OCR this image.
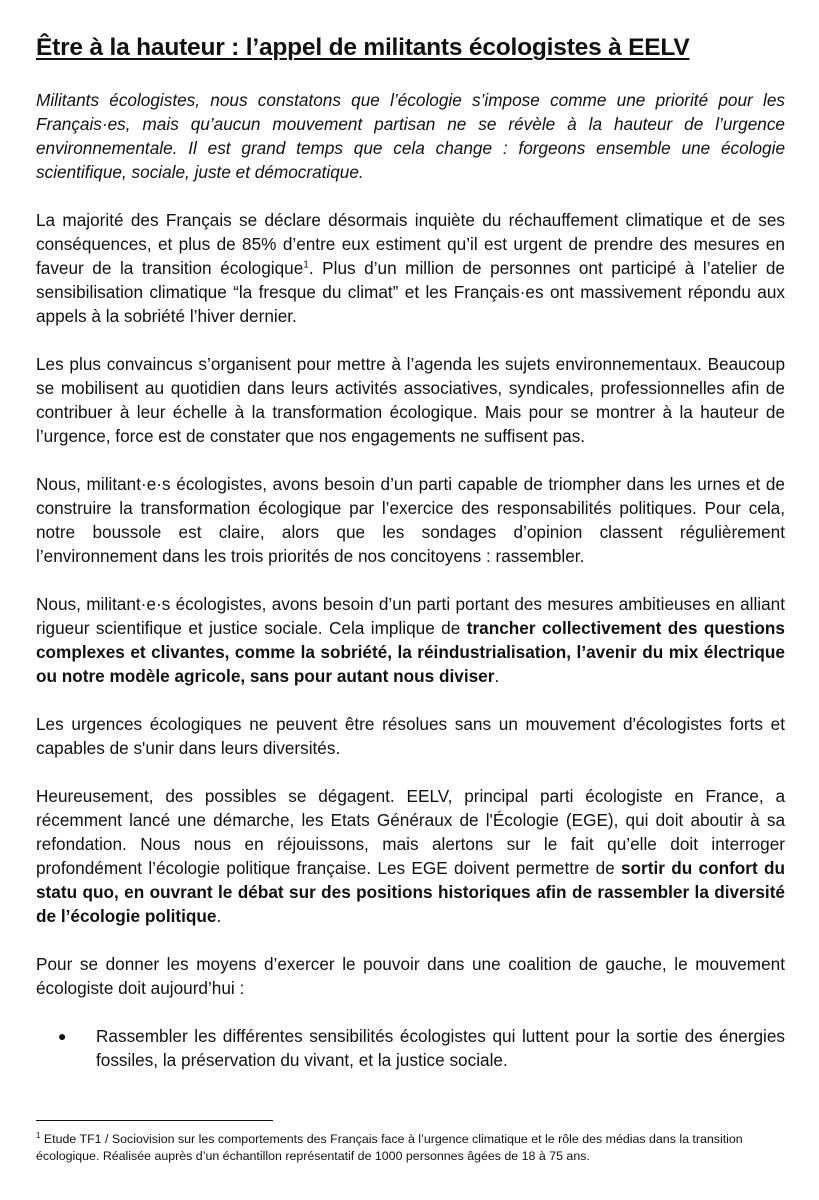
Être à la hauteur : l’appel de militants écologistes à EELV

Militants écologistes, nous constatons que l’écologie s’impose comme une priorité pour les Français·es, mais qu’aucun mouvement partisan ne se révèle à la hauteur de l’urgence environnementale. Il est grand temps que cela change : forgeons ensemble une écologie scientifique, sociale, juste et démocratique.

La majorité des Français se déclare désormais inquiète du réchauffement climatique et de ses conséquences, et plus de 85% d’entre eux estiment qu’il est urgent de prendre des mesures en faveur de la transition écologique$^1$. Plus d’un million de personnes ont participé à l’atelier de sensibilisation climatique “la fresque du climat” et les Français·es ont massivement répondu aux appels à la sobriété l’hiver dernier.

Les plus convaincus s’organisent pour mettre à l’agenda les sujets environnementaux. Beaucoup se mobilisent au quotidien dans leurs activités associatives, syndicales, professionnelles afin de contribuer à leur échelle à la transformation écologique. Mais pour se montrer à la hauteur de l’urgence, force est de constater que nos engagements ne suffisent pas.

Nous, militant·e·s écologistes, avons besoin d’un parti capable de triompher dans les urnes et de construire la transformation écologique par l’exercice des responsabilités politiques. Pour cela, notre boussole est claire, alors que les sondages d’opinion classent régulièrement l’environnement dans les trois priorités de nos concitoyens : rassembler.

Nous, militant·e·s écologistes, avons besoin d’un parti portant des mesures ambitieuses en alliant rigueur scientifique et justice sociale. Cela implique de trancher collectivement des questions complexes et clivantes, comme la sobriété, la réindustrialisation, l’avenir du mix électrique ou notre modèle agricole, sans pour autant nous diviser.

Les urgences écologiques ne peuvent être résolues sans un mouvement d'écologistes forts et capables de s'unir dans leurs diversités.

Heureusement, des possibles se dégagent. EELV, principal parti écologiste en France, a récemment lancé une démarche, les Etats Généraux de l'Écologie (EGE), qui doit aboutir à sa refondation. Nous nous en réjouissons, mais alertons sur le fait qu’elle doit interroger profondément l’écologie politique française. Les EGE doivent permettre de sortir du confort du statu quo, en ouvrant le débat sur des positions historiques afin de rassembler la diversité de l’écologie politique.

Pour se donner les moyens d’exercer le pouvoir dans une coalition de gauche, le mouvement écologiste doit aujourd’hui :

● Rassembler les différentes sensibilités écologistes qui luttent pour la sortie des énergies fossiles, la préservation du vivant, et la justice sociale.

$^1$ Etude TF1 / Sociovision sur les comportements des Français face à l’urgence climatique et le rôle des médias dans la transition écologique. Réalisée auprès d’un échantillon représentatif de 1000 personnes âgées de 18 à 75 ans.
